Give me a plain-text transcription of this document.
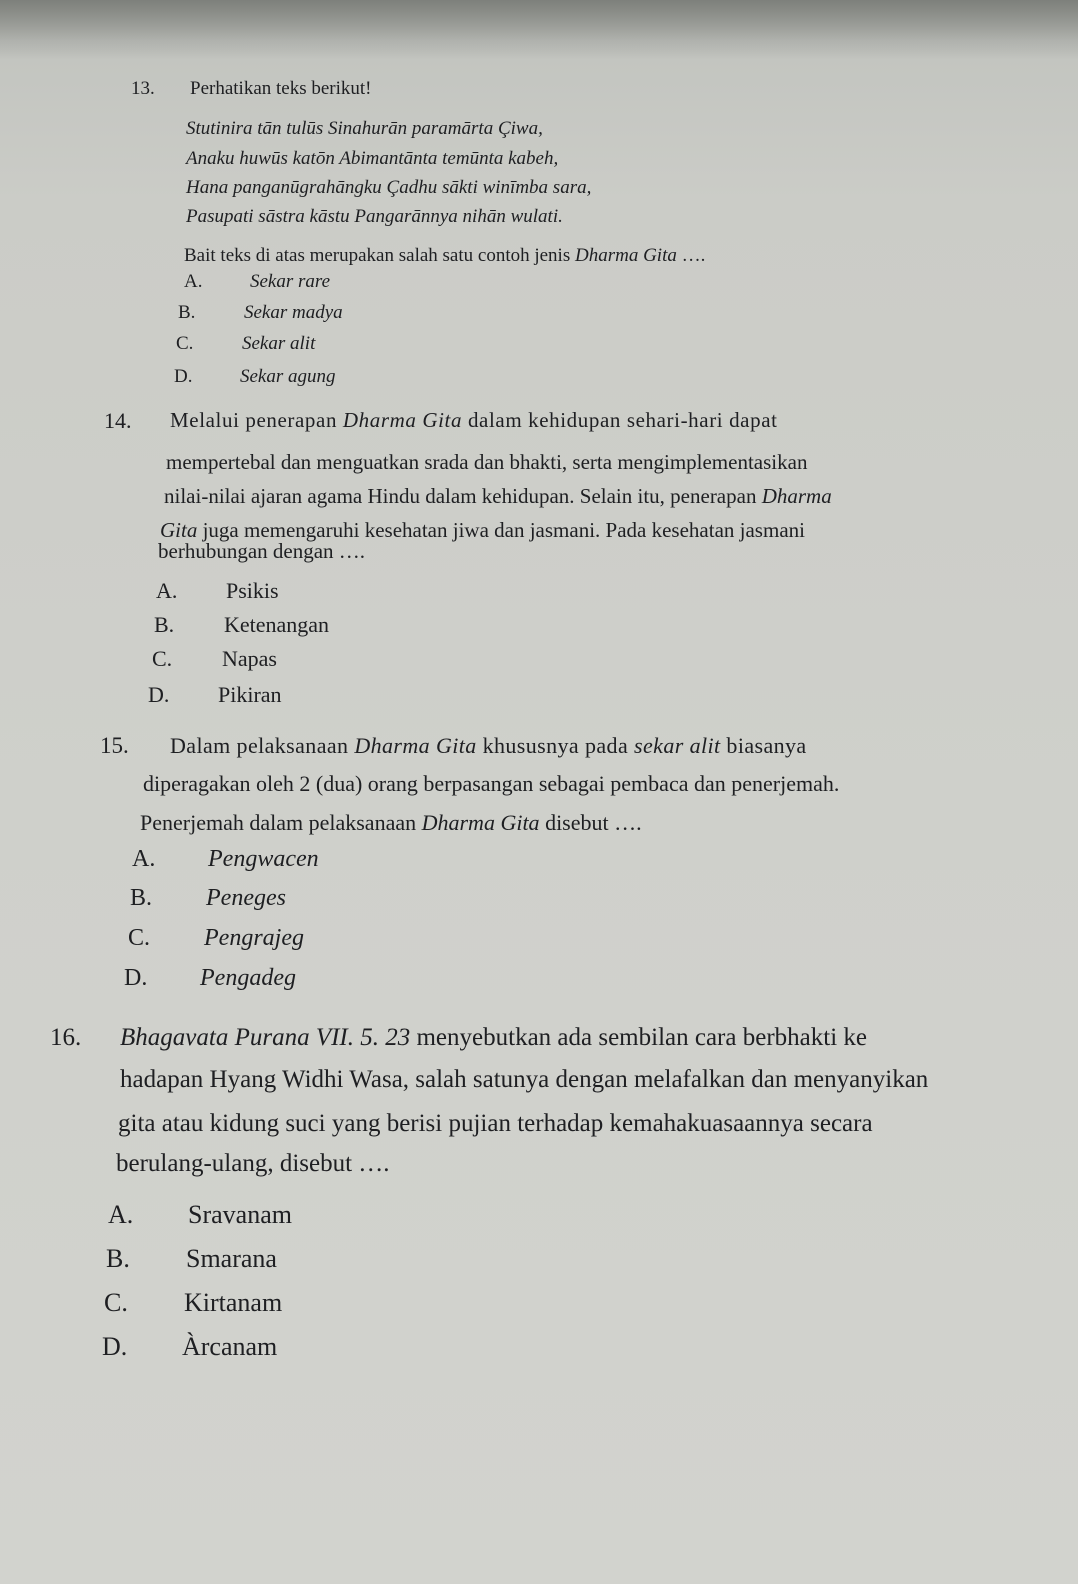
13. Perhatikan teks berikut!
Stutinira tān tulūs Sinahurān paramārta Çiwa,
Anaku huwūs katōn Abimantānta temūnta kabeh,
Hana panganūgrahāngku Çadhu sākti winīmba sara,
Pasupati sāstra kāstu Pangarānnya nihān wulati.
Bait teks di atas merupakan salah satu contoh jenis Dharma Gita ….
A.	Sekar rare
B.	Sekar madya
C.	Sekar alit
D.	Sekar agung
14. Melalui penerapan Dharma Gita dalam kehidupan sehari-hari dapat
mempertebal dan menguatkan srada dan bhakti, serta mengimplementasikan
nilai-nilai ajaran agama Hindu dalam kehidupan. Selain itu, penerapan Dharma
Gita juga memengaruhi kesehatan jiwa dan jasmani. Pada kesehatan jasmani
berhubungan dengan ….
A. Psikis
B. Ketenangan
C. Napas
D. Pikiran
15. Dalam pelaksanaan Dharma Gita khususnya pada sekar alit biasanya
diperagakan oleh 2 (dua) orang berpasangan sebagai pembaca dan penerjemah.
Penerjemah dalam pelaksanaan Dharma Gita disebut ….
A. Pengwacen
B. Peneges
C. Pengrajeg
D. Pengadeg
16. Bhagavata Purana VII. 5. 23 menyebutkan ada sembilan cara berbhakti ke
hadapan Hyang Widhi Wasa, salah satunya dengan melafalkan dan menyanyikan
gita atau kidung suci yang berisi pujian terhadap kemahakuasaannya secara
berulang-ulang, disebut ….
A. Sravanam
B. Smarana
C. Kirtanam
D. Àrcanam
